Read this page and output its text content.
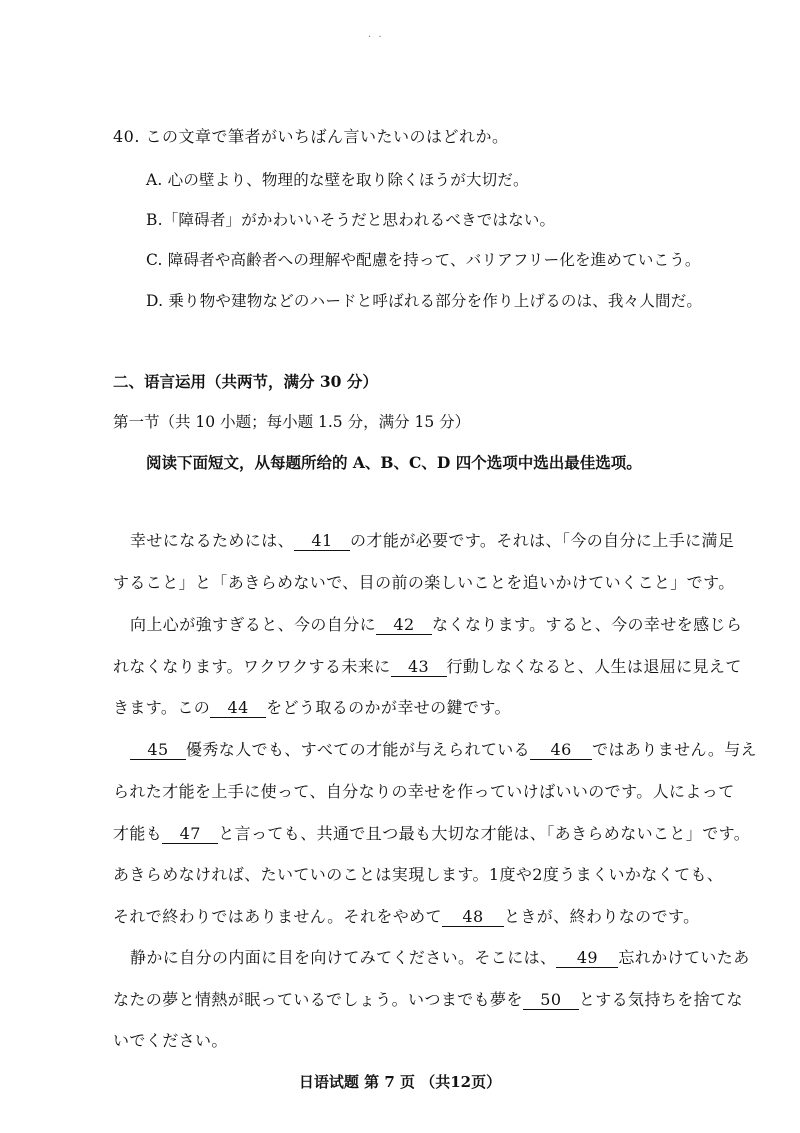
· ·
40. この文章で筆者がいちばん言いたいのはどれか。
A. 心の壁より、物理的な壁を取り除くほうが大切だ。
B.「障碍者」がかわいいそうだと思われるべきではない。
C. 障碍者や高齢者への理解や配慮を持って、バリアフリー化を進めていこう。
D. 乗り物や建物などのハードと呼ばれる部分を作り上げるのは、我々人間だ。
二、语言运用（共两节，满分 30 分）
第一节（共 10 小题；每小题 1.5 分，满分 15 分）
阅读下面短文，从每题所给的 A、B、C、D 四个选项中选出最佳选项。
幸せになるためには、 41 の才能が必要です。それは、「今の自分に上手に満足
すること」と「あきらめないで、目の前の楽しいことを追いかけていくこと」です。
向上心が強すぎると、今の自分に 42 なくなります。すると、今の幸せを感じら
れなくなります。ワクワクする未来に 43 行動しなくなると、人生は退屈に見えて
きます。この 44 をどう取るのかが幸せの鍵です。
45 優秀な人でも、すべての才能が与えられている 46 ではありません。与え
られた才能を上手に使って、自分なりの幸せを作っていけばいいのです。人によって
才能も 47 と言っても、共通で且つ最も大切な才能は、「あきらめないこと」です。
あきらめなければ、たいていのことは実現します。1度や2度うまくいかなくても、
それで終わりではありません。それをやめて 48 ときが、終わりなのです。
静かに自分の内面に目を向けてみてください。そこには、 49 忘れかけていたあ
なたの夢と情熱が眠っているでしょう。いつまでも夢を 50 とする気持ちを捨てな
いでください。
日语试题 第 7 页 （共12页）
